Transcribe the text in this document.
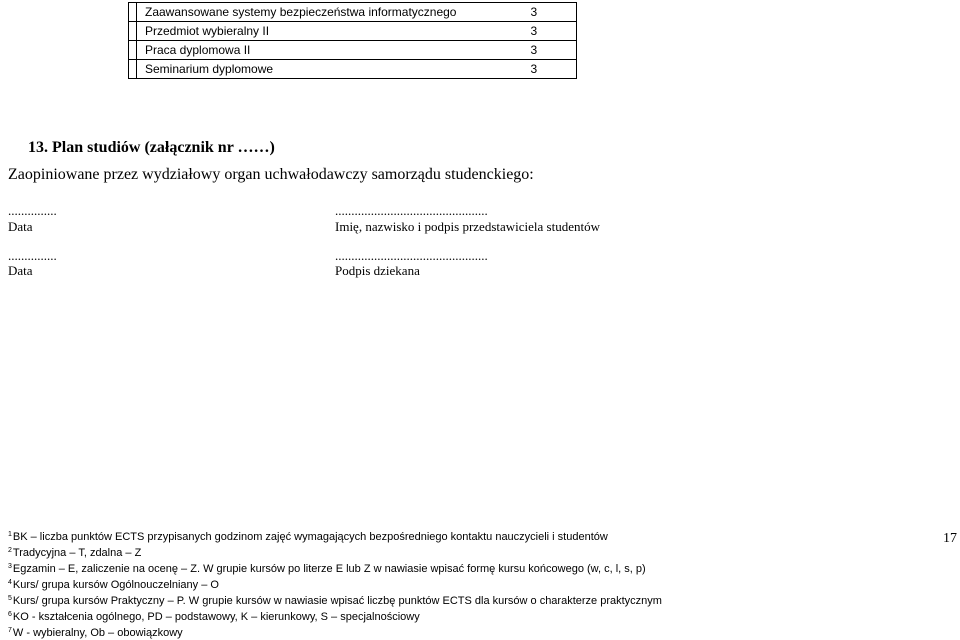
	Zaawansowane systemy bezpieczeństwa informatycznego	3
	Przedmiot wybieralny II	3
	Praca dyplomowa II	3
	Seminarium dyplomowe	3
13. Plan studiów (załącznik nr ……)
Zaopiniowane przez wydziałowy organ uchwałodawczy samorządu studenckiego:
...............	...............................................
Data	Imię, nazwisko i podpis przedstawiciela studentów
...............	...............................................
Data	Podpis dziekana
$^1$BK – liczba punktów ECTS przypisanych godzinom zajęć wymagających bezpośredniego kontaktu nauczycieli i studentów
$^2$Tradycyjna – T, zdalna – Z
$^3$Egzamin – E, zaliczenie na ocenę – Z. W grupie kursów po literze E lub Z w nawiasie wpisać formę kursu końcowego (w, c, l, s, p)
$^4$Kurs/ grupa kursów Ogólnouczelniany – O
$^5$Kurs/ grupa kursów Praktyczny – P. W grupie kursów w nawiasie wpisać liczbę punktów ECTS dla kursów o charakterze praktycznym
$^6$KO - kształcenia ogólnego, PD – podstawowy, K – kierunkowy, S – specjalnościowy
$^7$W - wybieralny, Ob – obowiązkowy
17
